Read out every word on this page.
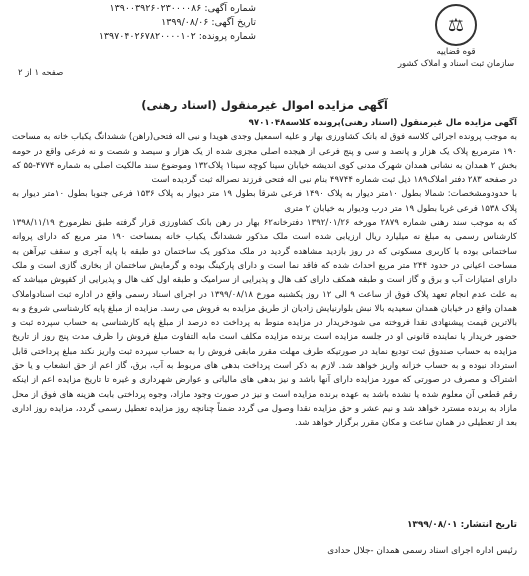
⚖
قوه قضاییه
سازمان ثبت اسناد و املاک کشور
شماره آگهی: ۱۳۹۰۰۳۹۲۶۰۲۳۰۰۰۰۸۶
تاریخ آگهی: ۱۳۹۹/۰۸/۰۶
شماره پرونده: ۱۳۹۷۰۴۰۲۶۷۸۲۰۰۰۰۱۰۲
صفحه ۱ از ۲
آگهی مزایده اموال غیرمنقول (اسناد رهنی)

آگهی مزایده مال غیرمنقول (اسناد رهنی)پرونده کلاسه۹۷۰۱۰۴۸

به موجب پرونده اجرائی کلاسه فوق له بانک کشاورزی بهار و علیه اسمعیل وجدی هویدا و نبی اله فتحی(راهن) ششدانگ یکباب ‌خانه به مساحت ۱۹۰ مترمربع پلاک یک هزار و پانصد و سی و پنج فرعی از هیجده اصلی مجزی شده از یک هزار و سیصد و شصت و نه فرعی واقع در حومه بخش ۲ همدان به نشانی همدان شهرک مدنی کوی اندیشه خیابان سینا کوچه سینا۱ پلاک۱۳۲ وموضوع سند مالکیت اصلی به شماره ۴۷۷۴-۵۵ که در صفحه ۲۸۳ دفتر املاک۱۸۹ ذیل ثبت شماره ۴۹۷۴۴ بنام نبی اله فتحی فرزند نصراله ثبت گردیده است

با حدودومشخصات: شمالا بطول ۱۰متر دیوار به پلاک ۱۴۹۰ فرعی شرقا بطول ۱۹ متر دیوار به پلاک ۱۵۳۶ فرعی جنوبا بطول ۱۰متر دیوار به پلاک ۱۵۳۸ فرعی غربا بطول ۱۹ متر درب ودیوار به خیابان ۲ متری

که به موجب سند رهنی شماره ۲۸۷۹ مورخه ۱۳۹۲/۰۱/۲۶ دفترخانه۶۲ بهار در رهن بانک کشاورزی قرار گرفته طبق نظرمورخ ۱۳۹۸/۱۱/۱۹ کارشناس رسمی به مبلغ نه میلیارد ریال ارزیابی شده است ملک مذکور ششدانگ یکباب خانه بمساحت ۱۹۰ متر مربع که دارای پروانه ساختمانی بوده با کاربری مسکونی که در روز بازدید مشاهده گردید در ملک مذکور یک ساختمان دو طبقه با پایه آجری و سقف تیرآهن به مساحت اعیانی در حدود ۲۴۴ متر مربع احداث شده که فاقد نما است و دارای پارکینگ بوده و گرمایش ساختمان از بخاری گازی است و ملک دارای امتیازات آب و برق و گاز است و طبقه همکف دارای کف هال و پذیرایی از سرامیک و طبقه اول کف هال و پذیرایی از کفپوش میباشد که به علت عدم انجام تعهد پلاک فوق از ساعت ۹ الی ۱۲ روز یکشنبه مورخ ۱۳۹۹/۰۸/۱۸ در اجرای اسناد رسمی واقع در اداره ثبت اسنادواملاک همدان واقع در خیابان همدان سعیدیه بالا نبش بلوارنیایش زادیان از طریق مزایده به فروش می رسد. مزایده از مبلغ پایه کارشناسی شروع و به بالاترین قیمت پیشنهادی نقدا فروخته می شودخریدار در مزایده منوط به پرداخت ده درصد از مبلغ پایه کارشناسی به حساب سپرده ثبت و حضور خریدار یا نماینده قانونی او در جلسه مزایده است برنده مزایده مکلف است مابه التفاوت مبلغ فروش را ظرف مدت پنج روز از تاریخ مزایده به حساب صندوق ثبت تودیع نماید در صورتیکه طرف مهلت مقرر مابقی فروش را به حساب سپرده ثبت واریز نکند مبلغ پرداختی قابل استرداد نبوده و به حساب خزانه واریز خواهد شد. لازم به ذکر است پرداخت بدهی های مربوط به آب، برق، گاز اعم از حق انشعاب و یا حق اشتراک و مصرف در صورتی که مورد مزایده دارای آنها باشد و نیز بدهی های مالیاتی و عوارض شهرداری و غیره تا تاریخ مزایده اعم از اینکه رقم قطعی آن معلوم شده یا نشده باشد به عهده برنده مزایده است و نیز در صورت وجود مازاد، وجوه پرداختی بابت هزینه های فوق از محل مازاد به برنده مسترد خواهد شد و نیم عشر و حق مزایده نقدا وصول می گردد ضمناً چنانچه روز مزایده تعطیل رسمی گردد، مزایده روز اداری بعد از تعطیلی در همان ساعت و مکان مقرر برگزار خواهد شد.

تاریخ انتشار: ۱۳۹۹/۰۸/۰۱
رئیس اداره اجرای اسناد رسمی همدان -جلال حدادی
